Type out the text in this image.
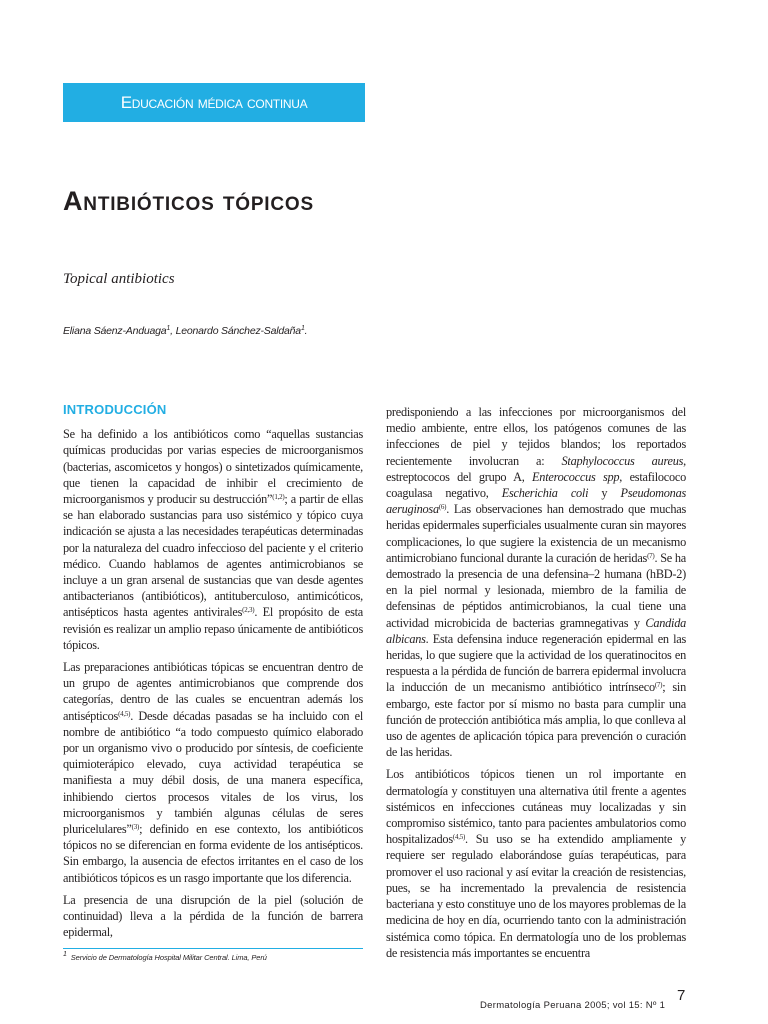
Educación médica continua
Antibióticos tópicos
Topical antibiotics
Eliana Sáenz-Anduaga$^1$, Leonardo Sánchez-Saldaña$^1$.
INTRODUCCIÓN

Se ha definido a los antibióticos como “aquellas sustancias químicas producidas por varias especies de microorganismos (bacterias, ascomicetos y hongos) o sintetizados químicamente, que tienen la capacidad de inhibir el crecimiento de microorganismos y producir su destrucción”$^{(1,2)}$; a partir de ellas se han elaborado sustancias para uso sistémico y tópico cuya indicación se ajusta a las necesidades terapéuticas determinadas por la naturaleza del cuadro infeccioso del paciente y el criterio médico. Cuando hablamos de agentes antimicrobianos se incluye a un gran arsenal de sustancias que van desde agentes antibacterianos (antibióticos), antituberculoso, antimicóticos, antisépticos hasta agentes antivirales$^{(2,3)}$. El propósito de esta revisión es realizar un amplio repaso únicamente de antibióticos tópicos.

Las preparaciones antibióticas tópicas se encuentran dentro de un grupo de agentes antimicrobianos que comprende dos categorías, dentro de las cuales se encuentran además los antisépticos$^{(4,5)}$. Desde décadas pasadas se ha incluido con el nombre de antibiótico “a todo compuesto químico elaborado por un organismo vivo o producido por síntesis, de coeficiente quimioterápico elevado, cuya actividad terapéutica se manifiesta a muy débil dosis, de una manera específica, inhibiendo ciertos procesos vitales de los virus, los microorganismos y también algunas células de seres pluricelulares”$^{(3)}$; definido en ese contexto, los antibióticos tópicos no se diferencian en forma evidente de los antisépticos. Sin embargo, la ausencia de efectos irritantes en el caso de los antibióticos tópicos es un rasgo importante que los diferencia.

La presencia de una disrupción de la piel (solución de continuidad) lleva a la pérdida de la función de barrera epidermal,

predisponiendo a las infecciones por microorganismos del medio ambiente, entre ellos, los patógenos comunes de las infecciones de piel y tejidos blandos; los reportados recientemente involucran a: Staphylococcus aureus, estreptococos del grupo A, Enterococcus spp, estafilococo coagulasa negativo, Escherichia coli y Pseudomonas aeruginosa$^{(6)}$. Las observaciones han demostrado que muchas heridas epidermales superficiales usualmente curan sin mayores complicaciones, lo que sugiere la existencia de un mecanismo antimicrobiano funcional durante la curación de heridas$^{(7)}$. Se ha demostrado la presencia de una defensina–2 humana (hBD-2) en la piel normal y lesionada, miembro de la familia de defensinas de péptidos antimicrobianos, la cual tiene una actividad microbicida de bacterias gramnegativas y Candida albicans. Esta defensina induce regeneración epidermal en las heridas, lo que sugiere que la actividad de los queratinocitos en respuesta a la pérdida de función de barrera epidermal involucra la inducción de un mecanismo antibiótico intrínseco$^{(7)}$; sin embargo, este factor por sí mismo no basta para cumplir una función de protección antibiótica más amplia, lo que conlleva al uso de agentes de aplicación tópica para prevención o curación de las heridas.

Los antibióticos tópicos tienen un rol importante en dermatología y constituyen una alternativa útil frente a agentes sistémicos en infecciones cutáneas muy localizadas y sin compromiso sistémico, tanto para pacientes ambulatorios como hospitalizados$^{(4,5)}$. Su uso se ha extendido ampliamente y requiere ser regulado elaborándose guías terapéuticas, para promover el uso racional y así evitar la creación de resistencias, pues, se ha incrementado la prevalencia de resistencia bacteriana y esto constituye uno de los mayores problemas de la medicina de hoy en día, ocurriendo tanto con la administración sistémica como tópica. En dermatología uno de los problemas de resistencia más importantes se encuentra

$^1$ Servicio de Dermatología Hospital Militar Central. Lima, Perú
Dermatología Peruana 2005; vol 15: Nº 1
7
